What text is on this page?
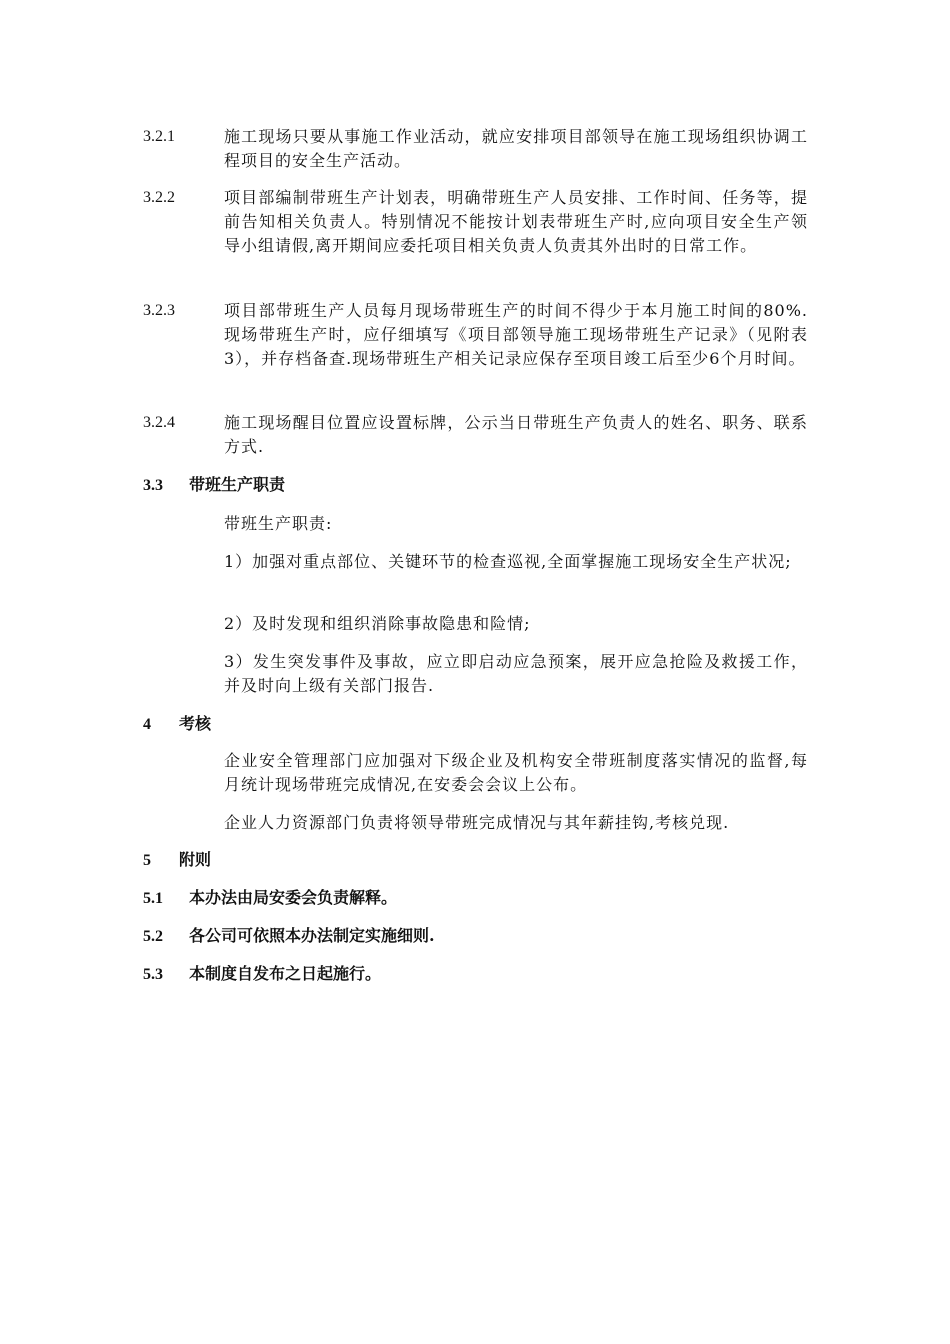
3.2.1	施工现场只要从事施工作业活动，就应安排项目部领导在施工现场组织协调工程项目的安全生产活动。
3.2.2	项目部编制带班生产计划表，明确带班生产人员安排、工作时间、任务等，提前告知相关负责人。特别情况不能按计划表带班生产时,应向项目安全生产领导小组请假,离开期间应委托项目相关负责人负责其外出时的日常工作。
3.2.3	项目部带班生产人员每月现场带班生产的时间不得少于本月施工时间的80%.现场带班生产时，应仔细填写《项目部领导施工现场带班生产记录》（见附表3），并存档备查.现场带班生产相关记录应保存至项目竣工后至少6个月时间。
3.2.4	施工现场醒目位置应设置标牌，公示当日带班生产负责人的姓名、职务、联系方式.
3.3 带班生产职责
带班生产职责:
1）加强对重点部位、关键环节的检查巡视,全面掌握施工现场安全生产状况;
2）及时发现和组织消除事故隐患和险情;
3）发生突发事件及事故，应立即启动应急预案，展开应急抢险及救援工作，并及时向上级有关部门报告.
4 考核
企业安全管理部门应加强对下级企业及机构安全带班制度落实情况的监督,每月统计现场带班完成情况,在安委会会议上公布。
企业人力资源部门负责将领导带班完成情况与其年薪挂钩,考核兑现.
5 附则
5.1 本办法由局安委会负责解释。
5.2 各公司可依照本办法制定实施细则.
5.3 本制度自发布之日起施行。
